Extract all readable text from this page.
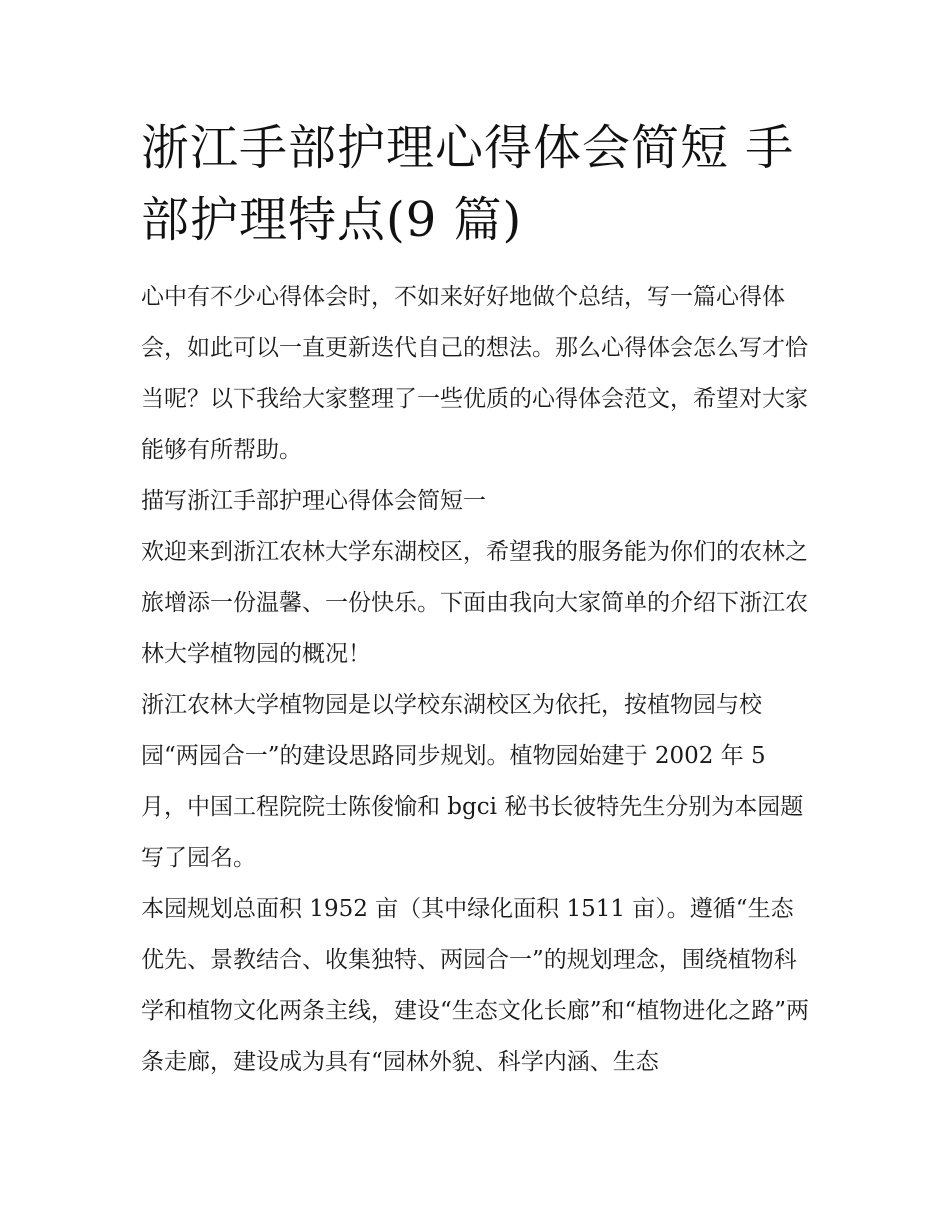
浙江手部护理心得体会简短 手部护理特点(9 篇)

心中有不少心得体会时，不如来好好地做个总结，写一篇心得体会，如此可以一直更新迭代自己的想法。那么心得体会怎么写才恰当呢？以下我给大家整理了一些优质的心得体会范文，希望对大家能够有所帮助。

描写浙江手部护理心得体会简短一

欢迎来到浙江农林大学东湖校区，希望我的服务能为你们的农林之旅增添一份温馨、一份快乐。下面由我向大家简单的介绍下浙江农林大学植物园的概况！

浙江农林大学植物园是以学校东湖校区为依托，按植物园与校园“两园合一”的建设思路同步规划。植物园始建于 2002 年 5 月，中国工程院院士陈俊愉和 bgci 秘书长彼特先生分别为本园题写了园名。

本园规划总面积 1952 亩（其中绿化面积 1511 亩）。遵循“生态优先、景教结合、收集独特、两园合一”的规划理念，围绕植物科学和植物文化两条主线，建设“生态文化长廊”和“植物进化之路”两条走廊，建设成为具有“园林外貌、科学内涵、生态
